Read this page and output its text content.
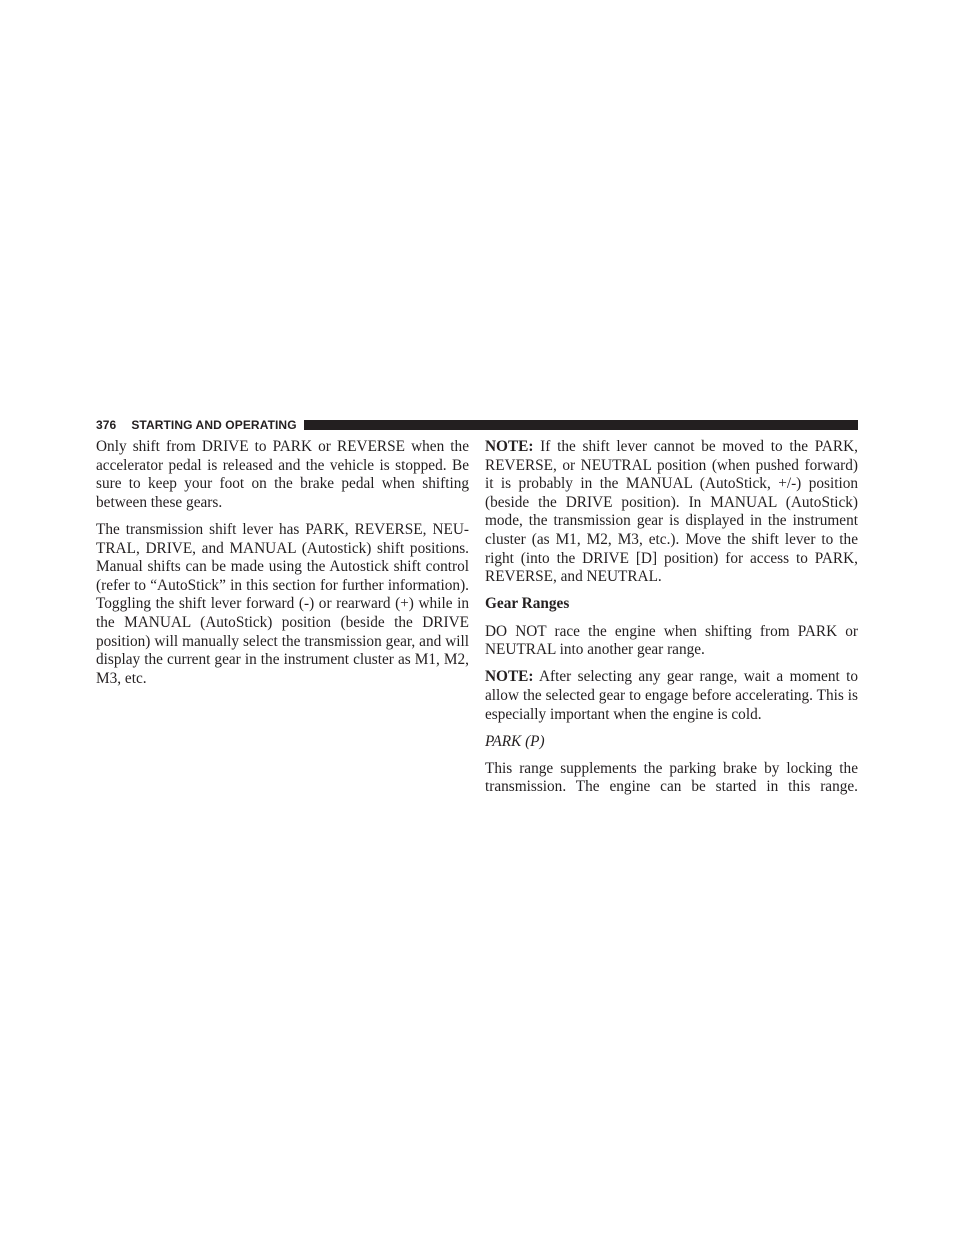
376 STARTING AND OPERATING

Only shift from DRIVE to PARK or REVERSE when the accelerator pedal is released and the vehicle is stopped. Be sure to keep your foot on the brake pedal when shifting between these gears.

The transmission shift lever has PARK, REVERSE, NEUTRAL, DRIVE, and MANUAL (Autostick) shift positions. Manual shifts can be made using the Autostick shift control (refer to “AutoStick” in this section for further information). Toggling the shift lever forward (-) or rearward (+) while in the MANUAL (AutoStick) position (beside the DRIVE position) will manually select the transmission gear, and will display the current gear in the instrument cluster as M1, M2, M3, etc.

NOTE: If the shift lever cannot be moved to the PARK, REVERSE, or NEUTRAL position (when pushed forward) it is probably in the MANUAL (AutoStick, +/-) position (beside the DRIVE position). In MANUAL (AutoStick) mode, the transmission gear is displayed in the instrument cluster (as M1, M2, M3, etc.). Move the shift lever to the right (into the DRIVE [D] position) for access to PARK, REVERSE, and NEUTRAL.

Gear Ranges

DO NOT race the engine when shifting from PARK or NEUTRAL into another gear range.

NOTE: After selecting any gear range, wait a moment to allow the selected gear to engage before accelerating. This is especially important when the engine is cold.

PARK (P)

This range supplements the parking brake by locking the transmission. The engine can be started in this range.
